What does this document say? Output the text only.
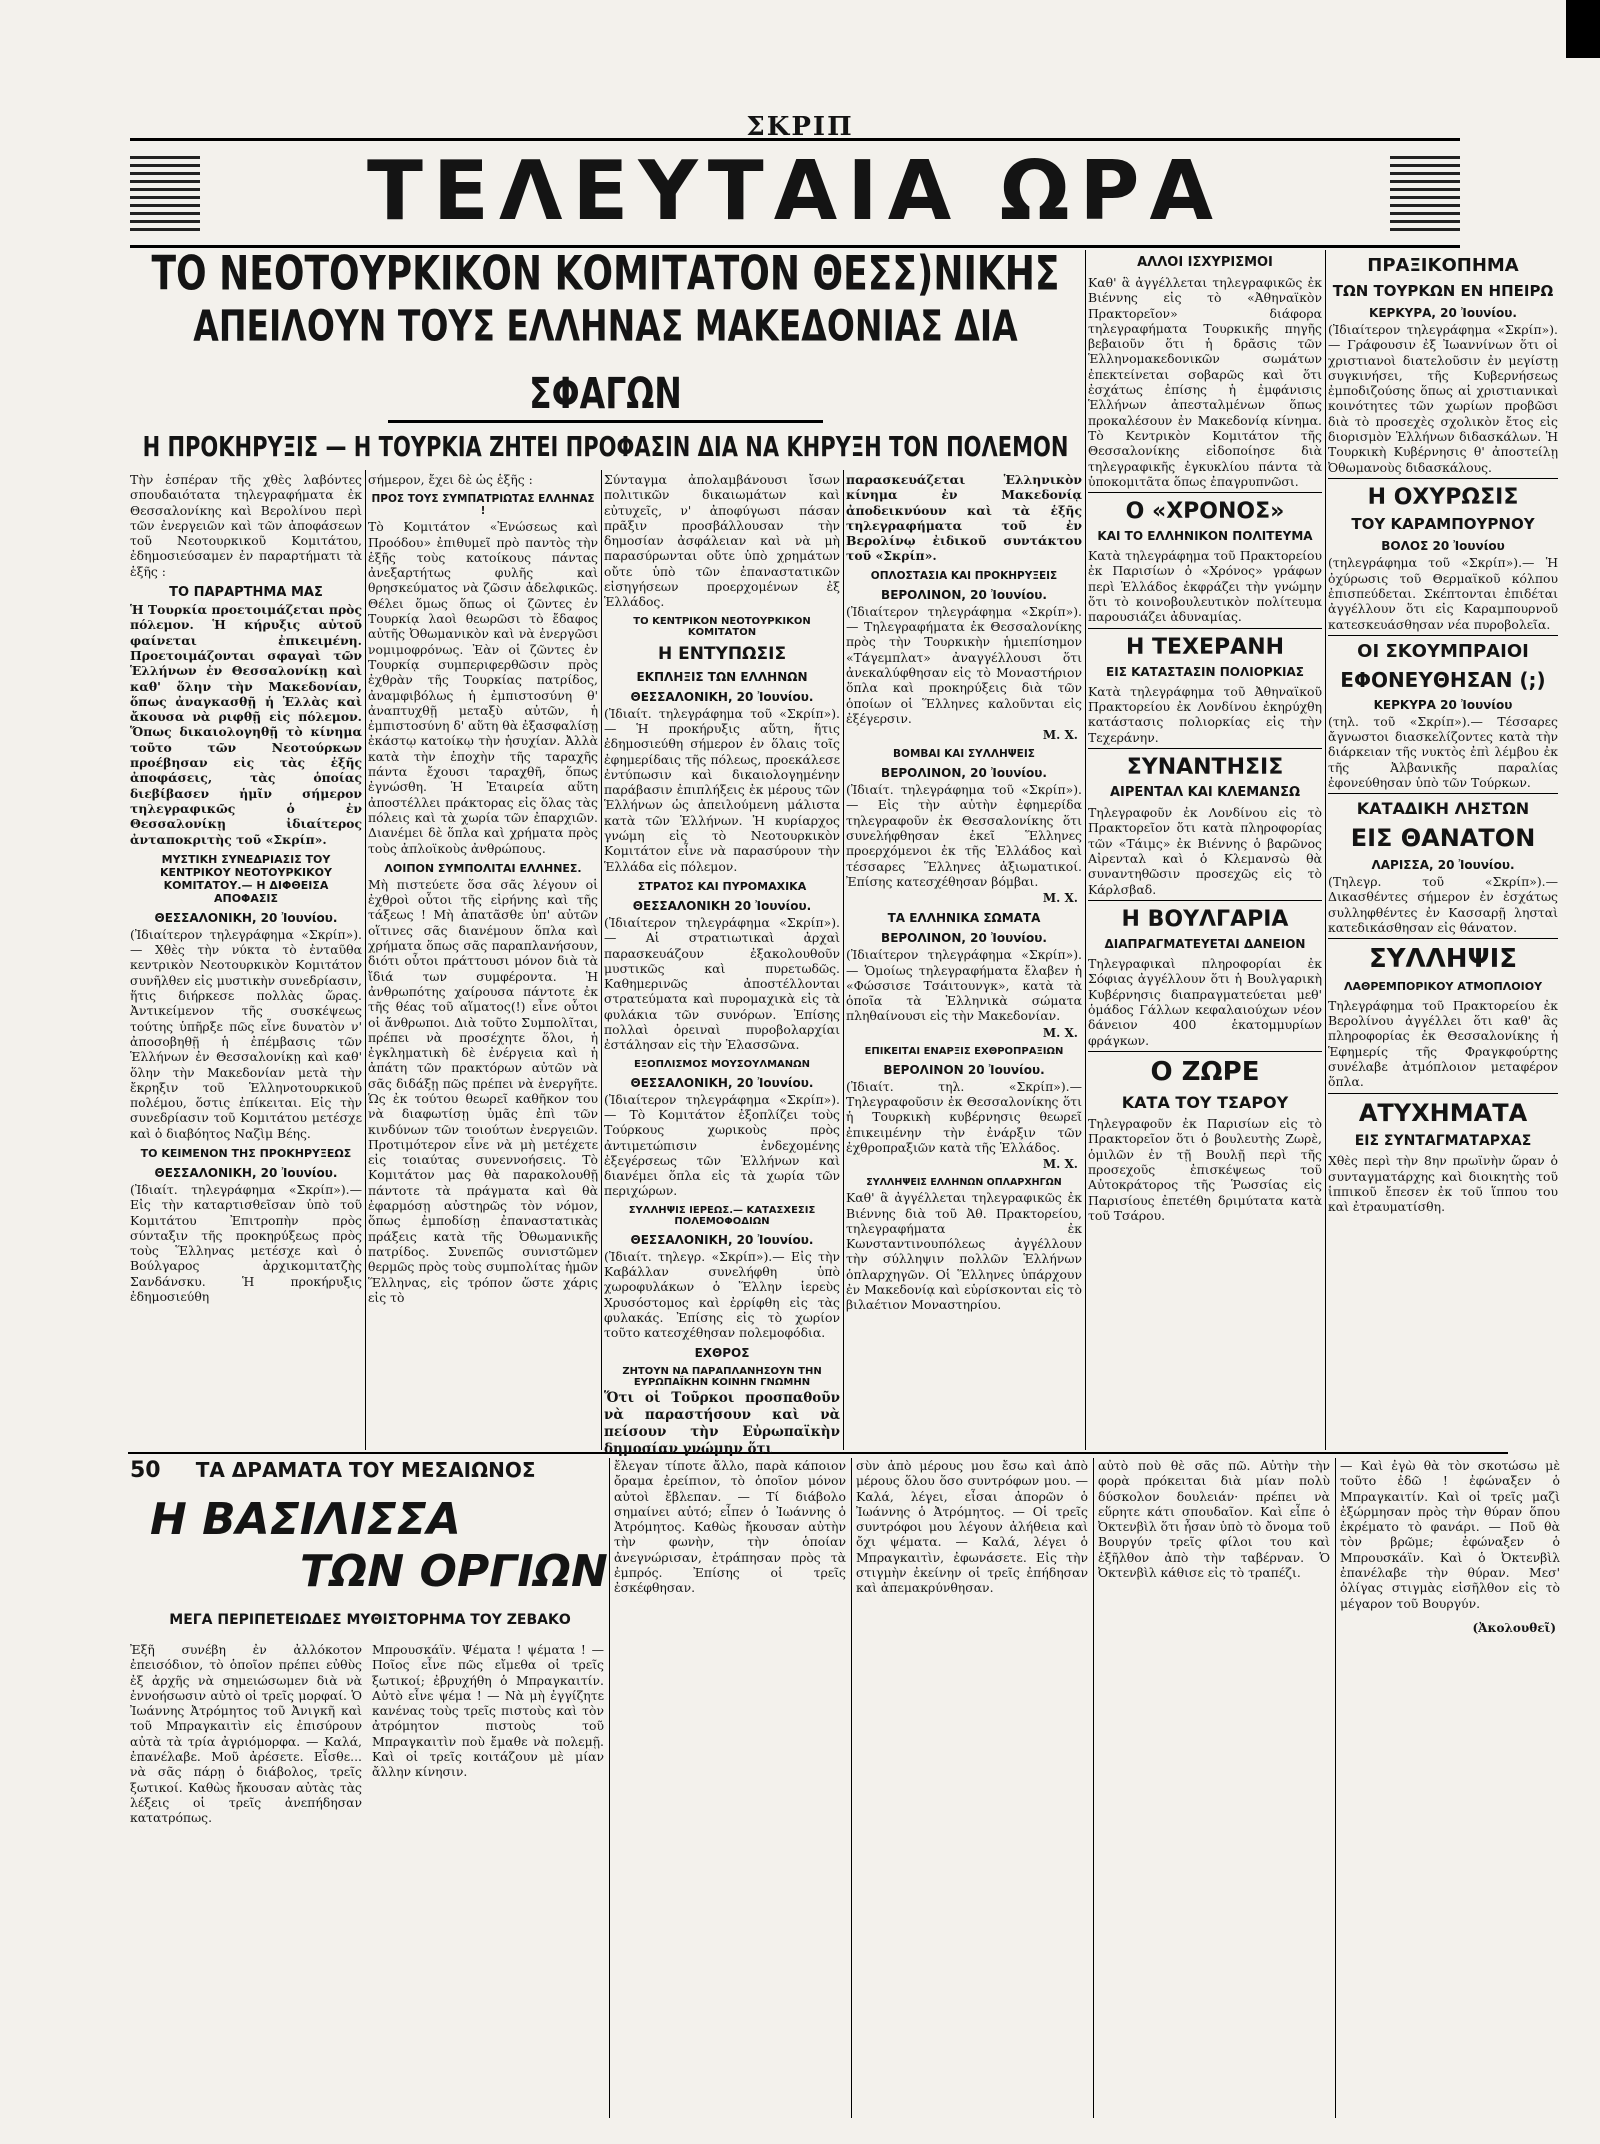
ΣΚΡΙΠ
ΤΕΛΕΥΤΑΙΑ ΩΡΑ
ΤΟ ΝΕΟΤΟΥΡΚΙΚΟΝ ΚΟΜΙΤΑΤΟΝ ΘΕΣΣ)ΝΙΚΗΣ
ΑΠΕΙΛΟΥΝ ΤΟΥΣ ΕΛΛΗΝΑΣ ΜΑΚΕΔΟΝΙΑΣ ΔΙΑ ΣΦΑΓΩΝ
Η ΠΡΟΚΗΡΥΞΙΣ — Η ΤΟΥΡΚΙΑ ΖΗΤΕΙ ΠΡΟΦΑΣΙΝ ΔΙΑ ΝΑ ΚΗΡΥΞΗ ΤΟΝ ΠΟΛΕΜΟΝ

Τὴν ἑσπέραν τῆς χθὲς λαβόντες σπουδαιότατα τηλεγραφήματα ἐκ Θεσσαλονίκης καὶ Βερολίνου περὶ τῶν ἐνεργειῶν καὶ τῶν ἀποφάσεων τοῦ Νεοτουρκικοῦ Κομιτάτου, ἐδημοσιεύσαμεν ἐν παραρτήματι τὰ ἑξῆς :

ΤΟ ΠΑΡΑΡΤΗΜΑ ΜΑΣ

Ἡ Τουρκία προετοιμάζεται πρὸς πόλεμον. Ἡ κήρυξις αὐτοῦ φαίνεται ἐπικειμένη. Προετοιμάζονται σφαγαὶ τῶν Ἑλλήνων ἐν Θεσσαλονίκῃ καὶ καθ' ὅλην τὴν Μακεδονίαν, ὅπως ἀναγκασθῇ ἡ Ἑλλὰς καὶ ἄκουσα νὰ ριφθῇ εἰς πόλεμον. Ὅπως δικαιολογηθῇ τὸ κίνημα τοῦτο τῶν Νεοτούρκων προέβησαν εἰς τὰς ἑξῆς ἀποφάσεις, τὰς ὁποίας διεβίβασεν ἡμῖν σήμερον τηλεγραφικῶς ὁ ἐν Θεσσαλονίκῃ ἰδιαίτερος ἀνταποκριτὴς τοῦ «Σκρίπ».

ΜΥΣΤΙΚΗ ΣΥΝΕΔΡΙΑΣΙΣ ΤΟΥ ΚΕΝΤΡΙΚΟΥ ΝΕΟΤΟΥΡΚΙΚΟΥ ΚΟΜΙΤΑΤΟΥ.— Η ΔΙΦΘΕΙΣΑ ΑΠΟΦΑΣΙΣ
ΘΕΣΣΑΛΟΝΙΚΗ, 20 Ἰουνίου.

(Ἰδιαίτερον τηλεγράφημα «Σκρίπ»).— Χθὲς τὴν νύκτα τὸ ἐνταῦθα κεντρικὸν Νεοτουρκικὸν Κομιτάτον συνῆλθεν εἰς μυστικὴν συνεδρίασιν, ἥτις διήρκεσε πολλὰς ὥρας. Ἀντικείμενον τῆς συσκέψεως τούτης ὑπῆρξε πῶς εἶνε δυνατὸν ν' ἀποσοβηθῇ ἡ ἐπέμβασις τῶν Ἑλλήνων ἐν Θεσσαλονίκῃ καὶ καθ' ὅλην τὴν Μακεδονίαν μετὰ τὴν ἔκρηξιν τοῦ Ἑλληνοτουρκικοῦ πολέμου, ὅστις ἐπίκειται. Εἰς τὴν συνεδρίασιν τοῦ Κομιτάτου μετέσχε καὶ ὁ διαβόητος Ναζὶμ Βέης.

ΤΟ ΚΕΙΜΕΝΟΝ ΤΗΣ ΠΡΟΚΗΡΥΞΕΩΣ
ΘΕΣΣΑΛΟΝΙΚΗ, 20 Ἰουνίου.

(Ἰδιαίτ. τηλεγράφημα «Σκρίπ»).— Εἰς τὴν καταρτισθεῖσαν ὑπὸ τοῦ Κομιτάτου Ἐπιτροπὴν πρὸς σύνταξιν τῆς προκηρύξεως πρὸς τοὺς Ἕλληνας μετέσχε καὶ ὁ Βούλγαρος ἀρχικομιτατζὴς Σανδάνσκυ. Ἡ προκήρυξις ἐδημοσιεύθη

σήμερον, ἔχει δὲ ὡς ἑξῆς :

ΠΡΟΣ ΤΟΥΣ ΣΥΜΠΑΤΡΙΩΤΑΣ ΕΛΛΗΝΑΣ !

Τὸ Κομιτάτον «Ἑνώσεως καὶ Προόδου» ἐπιθυμεῖ πρὸ παντὸς τὴν ἑξῆς τοὺς κατοίκους πάντας ἀνεξαρτήτως φυλῆς καὶ θρησκεύματος νὰ ζῶσιν ἀδελφικῶς. Θέλει ὅμως ὅπως οἱ ζῶντες ἐν Τουρκίᾳ λαοὶ θεωρῶσι τὸ ἔδαφος αὐτῆς Ὀθωμανικὸν καὶ νὰ ἐνεργῶσι νομιμοφρόνως. Ἐὰν οἱ ζῶντες ἐν Τουρκίᾳ συμπεριφερθῶσιν πρὸς ἐχθρὰν τῆς Τουρκίας πατρίδος, ἀναμφιβόλως ἡ ἐμπιστοσύνη θ' ἀναπτυχθῇ μεταξὺ αὐτῶν, ἡ ἐμπιστοσύνη δ' αὕτη θὰ ἐξασφαλίσῃ ἐκάστῳ κατοίκῳ τὴν ἡσυχίαν. Ἀλλὰ κατὰ τὴν ἐποχὴν τῆς ταραχῆς πάντα ἔχουσι ταραχθῆ, ὅπως ἐγνώσθη. Ἡ Ἑταιρεία αὕτη ἀποστέλλει πράκτορας εἰς ὅλας τὰς πόλεις καὶ τὰ χωρία τῶν ἐπαρχιῶν. Διανέμει δὲ ὅπλα καὶ χρήματα πρὸς τοὺς ἀπλοϊκοὺς ἀνθρώπους.

ΛΟΙΠΟΝ ΣΥΜΠΟΛΙΤΑΙ ΕΛΛΗΝΕΣ.

Μὴ πιστεύετε ὅσα σᾶς λέγουν οἱ ἐχθροὶ οὗτοι τῆς εἰρήνης καὶ τῆς τάξεως ! Μὴ ἀπατᾶσθε ὑπ' αὐτῶν οἵτινες σᾶς διανέμουν ὅπλα καὶ χρήματα ὅπως σᾶς παραπλανήσουν, διότι οὗτοι πράττουσι μόνον διὰ τὰ ἴδιά των συμφέροντα. Ἡ ἀνθρωπότης χαίρουσα πάντοτε ἐκ τῆς θέας τοῦ αἵματος(!) εἶνε οὗτοι οἱ ἄνθρωποι. Διὰ τοῦτο Συμπολῖται, πρέπει νὰ προσέχητε ὅλοι, ἡ ἐγκληματικὴ δὲ ἐνέργεια καὶ ἡ ἀπάτη τῶν πρακτόρων αὐτῶν νὰ σᾶς διδάξῃ πῶς πρέπει νὰ ἐνεργῆτε. Ὡς ἐκ τούτου θεωρεῖ καθῆκον του νὰ διαφωτίσῃ ὑμᾶς ἐπὶ τῶν κινδύνων τῶν τοιούτων ἐνεργειῶν. Προτιμότερον εἶνε νὰ μὴ μετέχετε εἰς τοιαύτας συνεννοήσεις. Τὸ Κομιτάτον μας θὰ παρακολουθῇ πάντοτε τὰ πράγματα καὶ θὰ ἐφαρμόσῃ αὐστηρῶς τὸν νόμον, ὅπως ἐμποδίσῃ ἐπαναστατικὰς πράξεις κατὰ τῆς Ὀθωμανικῆς πατρίδος. Συνεπῶς συνιστῶμεν θερμῶς πρὸς τοὺς συμπολίτας ἡμῶν Ἕλληνας, εἰς τρόπον ὥστε χάρις εἰς τὸ

Σύνταγμα ἀπολαμβάνουσι ἴσων πολιτικῶν δικαιωμάτων καὶ εὐτυχεῖς, ν' ἀποφύγωσι πάσαν πρᾶξιν προσβάλλουσαν τὴν δημοσίαν ἀσφάλειαν καὶ νὰ μὴ παρασύρωνται οὔτε ὑπὸ χρημάτων οὔτε ὑπὸ τῶν ἐπαναστατικῶν εἰσηγήσεων προερχομένων ἐξ Ἑλλάδος.

ΤΟ ΚΕΝΤΡΙΚΟΝ ΝΕΟΤΟΥΡΚΙΚΟΝ ΚΟΜΙΤΑΤΟΝ
Η ΕΝΤΥΠΩΣΙΣ
ΕΚΠΛΗΞΙΣ ΤΩΝ ΕΛΛΗΝΩΝ
ΘΕΣΣΑΛΟΝΙΚΗ, 20 Ἰουνίου.

(Ἰδιαίτ. τηλεγράφημα τοῦ «Σκρίπ»).— Ἡ προκήρυξις αὕτη, ἥτις ἐδημοσιεύθη σήμερον ἐν ὅλαις τοῖς ἐφημερίδαις τῆς πόλεως, προεκάλεσε ἐντύπωσιν καὶ δικαιολογημένην παράβασιν ἐπιπλήξεις ἐκ μέρους τῶν Ἑλλήνων ὡς ἀπειλούμενη μάλιστα κατὰ τῶν Ἑλλήνων. Ἡ κυρίαρχος γνώμη εἰς τὸ Νεοτουρκικὸν Κομιτάτον εἶνε νὰ παρασύρουν τὴν Ἑλλάδα εἰς πόλεμον.

ΣΤΡΑΤΟΣ ΚΑΙ ΠΥΡΟΜΑΧΙΚΑ
ΘΕΣΣΑΛΟΝΙΚΗ 20 Ἰουνίου.

(Ἰδιαίτερον τηλεγράφημα «Σκρίπ»).— Αἱ στρατιωτικαὶ ἀρχαὶ παρασκευάζουν ἐξακολουθοῦν μυστικῶς καὶ πυρετωδῶς. Καθημερινῶς ἀποστέλλονται στρατεύματα καὶ πυρομαχικὰ εἰς τὰ φυλάκια τῶν συνόρων. Ἐπίσης πολλαὶ ὀρειναὶ πυροβολαρχίαι ἐστάλησαν εἰς τὴν Ἐλασσῶνα.

ΕΞΟΠΛΙΣΜΟΣ ΜΟΥΣΟΥΛΜΑΝΩΝ
ΘΕΣΣΑΛΟΝΙΚΗ, 20 Ἰουνίου.

(Ἰδιαίτερον τηλεγράφημα «Σκρίπ»).— Τὸ Κομιτάτον ἐξοπλίζει τοὺς Τούρκους χωρικοὺς πρὸς ἀντιμετώπισιν ἐνδεχομένης ἐξεγέρσεως τῶν Ἑλλήνων καὶ διανέμει ὅπλα εἰς τὰ χωρία τῶν περιχώρων.

ΣΥΛΛΗΨΙΣ ΙΕΡΕΩΣ.— ΚΑΤΑΣΧΕΣΙΣ ΠΟΛΕΜΟΦΟΔΙΩΝ
ΘΕΣΣΑΛΟΝΙΚΗ, 20 Ἰουνίου.

(Ἰδιαίτ. τηλεγρ. «Σκρίπ»).— Εἰς τὴν Καβάλλαν συνελήφθη ὑπὸ χωροφυλάκων ὁ Ἕλλην ἱερεὺς Χρυσόστομος καὶ ἐρρίφθη εἰς τὰς φυλακάς. Ἐπίσης εἰς τὸ χωρίον τοῦτο κατεσχέθησαν πολεμοφόδια.

ΕΧΘΡΟΣ
ΖΗΤΟΥΝ ΝΑ ΠΑΡΑΠΛΑΝΗΣΟΥΝ ΤΗΝ ΕΥΡΩΠΑΪΚΗΝ ΚΟΙΝΗΝ ΓΝΩΜΗΝ

Ὅτι οἱ Τοῦρκοι προσπαθοῦν νὰ παραστήσουν καὶ νὰ πείσουν τὴν Εὐρωπαϊκὴν δημοσίαν γνώμην ὅτι

παρασκευάζεται Ἑλληνικὸν κίνημα ἐν Μακεδονίᾳ ἀποδεικνύουν καὶ τὰ ἑξῆς τηλεγραφήματα τοῦ ἐν Βερολίνῳ ἐιδικοῦ συντάκτου τοῦ «Σκρίπ».

ΟΠΛΟΣΤΑΣΙΑ ΚΑΙ ΠΡΟΚΗΡΥΞΕΙΣ
ΒΕΡΟΛΙΝΟΝ, 20 Ἰουνίου.

(Ἰδιαίτερον τηλεγράφημα «Σκρίπ»).— Τηλεγραφήματα ἐκ Θεσσαλονίκης πρὸς τὴν Τουρκικὴν ἡμιεπίσημον «Τάγεμπλατ» ἀναγγέλλουσι ὅτι ἀνεκαλύφθησαν εἰς τὸ Μοναστήριον ὅπλα καὶ προκηρύξεις διὰ τῶν ὁποίων οἱ Ἕλληνες καλοῦνται εἰς ἐξέγερσιν.

Μ. Χ.
ΒΟΜΒΑΙ ΚΑΙ ΣΥΛΛΗΨΕΙΣ
ΒΕΡΟΛΙΝΟΝ, 20 Ἰουνίου.

(Ἰδιαίτ. τηλεγράφημα τοῦ «Σκρίπ»).— Εἰς τὴν αὐτὴν ἐφημερίδα τηλεγραφοῦν ἐκ Θεσσαλονίκης ὅτι συνελήφθησαν ἐκεῖ Ἕλληνες προερχόμενοι ἐκ τῆς Ἑλλάδος καὶ τέσσαρες Ἕλληνες ἀξιωματικοί. Ἐπίσης κατεσχέθησαν βόμβαι.

Μ. Χ.
ΤΑ ΕΛΛΗΝΙΚΑ ΣΩΜΑΤΑ
ΒΕΡΟΛΙΝΟΝ, 20 Ἰουνίου.

(Ἰδιαίτερον τηλεγράφημα «Σκρίπ»).— Ὁμοίως τηλεγραφήματα ἔλαβεν ἡ «Φώσσισε Τσάιτουνγκ», κατὰ τὰ ὁποῖα τὰ Ἑλληνικὰ σώματα πληθαίνουσι εἰς τὴν Μακεδονίαν.

Μ. Χ.
ΕΠΙΚΕΙΤΑΙ ΕΝΑΡΞΙΣ ΕΧΘΡΟΠΡΑΞΙΩΝ
ΒΕΡΟΛΙΝΟΝ 20 Ἰουνίου.

(Ἰδιαίτ. τηλ. «Σκρίπ»).— Τηλεγραφοῦσιν ἐκ Θεσσαλονίκης ὅτι ἡ Τουρκικὴ κυβέρνησις θεωρεῖ ἐπικειμένην τὴν ἐνάρξιν τῶν ἐχθροπραξιῶν κατὰ τῆς Ἑλλάδος.

Μ. Χ.
ΣΥΛΛΗΨΕΙΣ ΕΛΛΗΝΩΝ ΟΠΛΑΡΧΗΓΩΝ

Καθ' ἃ ἀγγέλλεται τηλεγραφικῶς ἐκ Βιέννης διὰ τοῦ Ἀθ. Πρακτορείου, τηλεγραφήματα ἐκ Κωνσταντινουπόλεως ἀγγέλλουν τὴν σύλληψιν πολλῶν Ἑλλήνων ὁπλαρχηγῶν. Οἱ Ἕλληνες ὑπάρχουν ἐν Μακεδονίᾳ καὶ εὑρίσκονται εἰς τὸ βιλαέτιον Μοναστηρίου.

ΑΛΛΟΙ ΙΣΧΥΡΙΣΜΟΙ

Καθ' ἃ ἀγγέλλεται τηλεγραφικῶς ἐκ Βιέννης εἰς τὸ «Ἀθηναϊκὸν Πρακτορεῖον» διάφορα τηλεγραφήματα Τουρκικῆς πηγῆς βεβαιοῦν ὅτι ἡ δρᾶσις τῶν Ἑλληνομακεδονικῶν σωμάτων ἐπεκτείνεται σοβαρῶς καὶ ὅτι ἐσχάτως ἐπίσης ἡ ἐμφάνισις Ἑλλήνων ἀπεσταλμένων ὅπως προκαλέσουν ἐν Μακεδονίᾳ κίνημα. Τὸ Κεντρικὸν Κομιτάτον τῆς Θεσσαλονίκης εἰδοποίησε διὰ τηλεγραφικῆς ἐγκυκλίου πάντα τὰ ὑποκομιτᾶτα ὅπως ἐπαγρυπνῶσι.

Ο «ΧΡΟΝΟΣ»
ΚΑΙ ΤΟ ΕΛΛΗΝΙΚΟΝ ΠΟΛΙΤΕΥΜΑ

Κατὰ τηλεγράφημα τοῦ Πρακτορείου ἐκ Παρισίων ὁ «Χρόνος» γράφων περὶ Ἑλλάδος ἐκφράζει τὴν γνώμην ὅτι τὸ κοινοβουλευτικὸν πολίτευμα παρουσιάζει ἀδυναμίας.

Η ΤΕΧΕΡΑΝΗ
ΕΙΣ ΚΑΤΑΣΤΑΣΙΝ ΠΟΛΙΟΡΚΙΑΣ

Κατὰ τηλεγράφημα τοῦ Ἀθηναϊκοῦ Πρακτορείου ἐκ Λονδίνου ἐκηρύχθη κατάστασις πολιορκίας εἰς τὴν Τεχεράνην.

ΣΥΝΑΝΤΗΣΙΣ
ΑΙΡΕΝΤΑΛ ΚΑΙ ΚΛΕΜΑΝΣΩ

Τηλεγραφοῦν ἐκ Λονδίνου εἰς τὸ Πρακτορεῖον ὅτι κατὰ πληροφορίας τῶν «Τάιμς» ἐκ Βιέννης ὁ βαρῶνος Αἰρενταλ καὶ ὁ Κλεμανσὼ θὰ συναντηθῶσιν προσεχῶς εἰς τὸ Κάρλσβαδ.

Η ΒΟΥΛΓΑΡΙΑ
ΔΙΑΠΡΑΓΜΑΤΕΥΕΤΑΙ ΔΑΝΕΙΟΝ

Τηλεγραφικαὶ πληροφορίαι ἐκ Σόφιας ἀγγέλλουν ὅτι ἡ Βουλγαρικὴ Κυβέρνησις διαπραγματεύεται μεθ' ὁμάδος Γάλλων κεφαλαιούχων νέον δάνειον 400 ἑκατομμυρίων φράγκων.

Ο ΖΩΡΕ
ΚΑΤΑ ΤΟΥ ΤΣΑΡΟΥ

Τηλεγραφοῦν ἐκ Παρισίων εἰς τὸ Πρακτορεῖον ὅτι ὁ βουλευτὴς Ζωρὲ, ὁμιλῶν ἐν τῇ Βουλῇ περὶ τῆς προσεχοῦς ἐπισκέψεως τοῦ Αὐτοκράτορος τῆς Ῥωσσίας εἰς Παρισίους ἐπετέθη δριμύτατα κατὰ τοῦ Τσάρου.

ΠΡΑΞΙΚΟΠΗΜΑ
ΤΩΝ ΤΟΥΡΚΩΝ ΕΝ ΗΠΕΙΡΩ
ΚΕΡΚΥΡΑ, 20 Ἰουνίου.

(Ἰδιαίτερον τηλεγράφημα «Σκρίπ»).— Γράφουσιν ἐξ Ἰωαννίνων ὅτι οἱ χριστιανοὶ διατελοῦσιν ἐν μεγίστῃ συγκινήσει, τῆς Κυβερνήσεως ἐμποδιζούσης ὅπως αἱ χριστιανικαὶ κοινότητες τῶν χωρίων προβῶσι διὰ τὸ προσεχὲς σχολικὸν ἔτος εἰς διορισμὸν Ἑλλήνων διδασκάλων. Ἡ Τουρκικὴ Κυβέρνησις θ' ἀποστείλῃ Ὀθωμανοὺς διδασκάλους.

Η ΟΧΥΡΩΣΙΣ
ΤΟΥ ΚΑΡΑΜΠΟΥΡΝΟΥ
ΒΟΛΟΣ 20 Ἰουνίου

(τηλεγράφημα τοῦ «Σκρίπ»).— Ἡ ὀχύρωσις τοῦ Θερμαϊκοῦ κόλπου ἐπισπεύδεται. Σκέπτονται ἐπιδέται ἀγγέλλουν ὅτι εἰς Καραμπουρνοῦ κατεσκευάσθησαν νέα πυροβολεῖα.

ΟΙ ΣΚΟΥΜΠΡΑΙΟΙ
ΕΦΟΝΕΥΘΗΣΑΝ (;)
ΚΕΡΚΥΡΑ 20 Ἰουνίου

(τηλ. τοῦ «Σκρίπ»).— Τέσσαρες ἄγνωστοι διασκελίζοντες κατὰ τὴν διάρκειαν τῆς νυκτὸς ἐπὶ λέμβου ἐκ τῆς Ἀλβανικῆς παραλίας ἐφονεύθησαν ὑπὸ τῶν Τούρκων.

ΚΑΤΑΔΙΚΗ ΛΗΣΤΩΝ
ΕΙΣ ΘΑΝΑΤΟΝ
ΛΑΡΙΣΣΑ, 20 Ἰουνίου.

(Τηλεγρ. τοῦ «Σκρίπ»).— Δικασθέντες σήμερον ἐν ἐσχάτως συλληφθέντες ἐν Κασσαρῇ λησταὶ κατεδικάσθησαν εἰς θάνατον.

ΣΥΛΛΗΨΙΣ
ΛΑΘΡΕΜΠΟΡΙΚΟΥ ΑΤΜΟΠΛΟΙΟΥ

Τηλεγράφημα τοῦ Πρακτορείου ἐκ Βερολίνου ἀγγέλλει ὅτι καθ' ἃς πληροφορίας ἐκ Θεσσαλονίκης ἡ Ἑφημερίς τῆς Φραγκφούρτης συνέλαβε ἀτμόπλοιον μεταφέρον ὅπλα.

ΑΤΥΧΗΜΑΤΑ
ΕΙΣ ΣΥΝΤΑΓΜΑΤΑΡΧΑΣ

Χθὲς περὶ τὴν 8ην πρωϊνὴν ὥραν ὁ συνταγματάρχης καὶ διοικητὴς τοῦ ἱππικοῦ ἔπεσεν ἐκ τοῦ ἵππου του καὶ ἐτραυματίσθη.

50 ΤΑ ΔΡΑΜΑΤΑ ΤΟΥ ΜΕΣΑΙΩΝΟΣ
Η ΒΑΣΙΛΙΣΣΑ
ΤΩΝ ΟΡΓΙΩΝ
ΜΕΓΑ ΠΕΡΙΠΕΤΕΙΩΔΕΣ ΜΥΘΙΣΤΟΡΗΜΑ ΤΟΥ ΖΕΒΑΚΟ

Ἐξῆ συνέβη ἐν ἀλλόκοτον ἐπεισόδιον, τὸ ὁποῖον πρέπει εὐθὺς ἐξ ἀρχῆς νὰ σημειώσωμεν διὰ νὰ ἐννοήσωσιν αὐτὸ οἱ τρεῖς μορφαί. Ὁ Ἰωάννης Ἀτρόμητος τοῦ Ἀνιγκῆ καὶ τοῦ Μπραγκαιτὶν εἰς ἐπισύρουν αὐτὰ τὰ τρία ἀγριόμορφα. — Καλά, ἐπανέλαβε. Μοῦ ἀρέσετε. Εἶσθε... νὰ σᾶς πάρῃ ὁ διάβολος, τρεῖς ξωτικοί. Καθὼς ἤκουσαν αὐτὰς τὰς λέξεις οἱ τρεῖς ἀνεπήδησαν κατατρόπως.

Μπρουσκάϊν. Ψέματα ! ψέματα ! — Ποῖος εἶνε πῶς εἴμεθα οἱ τρεῖς ξωτικοί; ἐβρυχήθη ὁ Μπραγκαιτίν. Αὐτὸ εἶνε ψέμα ! — Νὰ μὴ ἐγγίζητε κανένας τοὺς τρεῖς πιστοὺς καὶ τὸν ἀτρόμητον πιστοὺς τοῦ Μπραγκαιτὶν ποὺ ἔμαθε νὰ πολεμῇ. Καὶ οἱ τρεῖς κοιτάζουν μὲ μίαν ἄλλην κίνησιν.

ἔλεγαν τίποτε ἄλλο, παρὰ κάποιον ὄραμα ἐρείπιον, τὸ ὁποῖον μόνον αὐτοὶ ἔβλεπαν. — Τί διάβολο σημαίνει αὐτό; εἶπεν ὁ Ἰωάννης ὁ Ἀτρόμητος. Καθὼς ἤκουσαν αὐτὴν τὴν φωνὴν, τὴν ὁποίαν ἀνεγνώρισαν, ἐτράπησαν πρὸς τὰ ἐμπρός. Ἐπίσης οἱ τρεῖς ἐσκέφθησαν.

σὺν ἀπὸ μέρους μου ἔσω καὶ ἀπὸ μέρους ὅλου ὅσο συντρόφων μου. — Καλά, λέγει, εἶσαι ἀπορῶν ὁ Ἰωάννης ὁ Ἀτρόμητος. — Οἱ τρεῖς συντρόφοι μου λέγουν ἀλήθεια καὶ ὄχι ψέματα. — Καλά, λέγει ὁ Μπραγκαιτὶν, ἐφωνάσετε. Εἰς τὴν στιγμὴν ἐκείνην οἱ τρεῖς ἐπήδησαν καὶ ἀπεμακρύνθησαν.

αὐτὸ ποὺ θὲ σᾶς πῶ. Αὐτὴν τὴν φορὰ πρόκειται διὰ μίαν πολὺ δύσκολον δουλειάν· πρέπει νὰ εὕρητε κάτι σπουδαῖον. Καὶ εἶπε ὁ Ὀκτενβὶλ ὅτι ἦσαν ὑπὸ τὸ ὄνομα τοῦ Βουργύν τρεῖς φίλοι του καὶ ἐξῆλθον ἀπὸ τὴν ταβέρναν. Ὁ Ὀκτενβὶλ κάθισε εἰς τὸ τραπέζι.

— Καὶ ἐγὼ θὰ τὸν σκοτώσω μὲ τοῦτο ἐδῶ ! ἐφώναξεν ὁ Μπραγκαιτίν. Καὶ οἱ τρεῖς μαζὶ ἐξώρμησαν πρὸς τὴν θύραν ὅπου ἐκρέματο τὸ φανάρι. — Ποῦ θὰ τὸν βρῶμε; ἐφώναξεν ὁ Μπρουσκάϊν. Καὶ ὁ Ὀκτενβὶλ ἐπανέλαβε τὴν θύραν. Μεσ' ὀλίγας στιγμὰς εἰσῆλθον εἰς τὸ μέγαρον τοῦ Βουργύν.

(Ἀκολουθεῖ)
